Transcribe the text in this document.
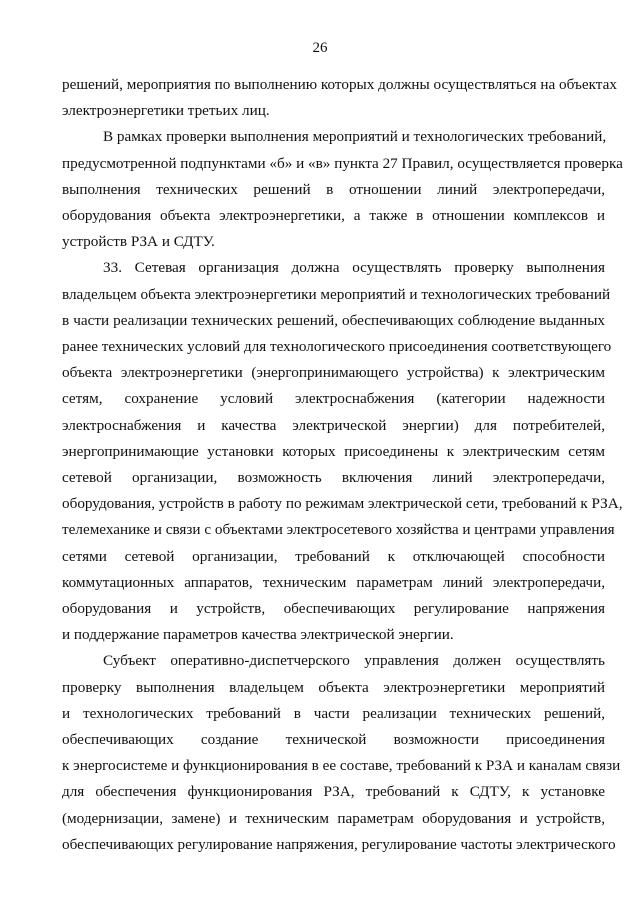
26
решений, мероприятия по выполнению которых должны осуществляться на объектах
электроэнергетики третьих лиц.
В рамках проверки выполнения мероприятий и технологических требований,
предусмотренной подпунктами «б» и «в» пункта 27 Правил, осуществляется проверка
выполнения технических решений в отношении линий электропередачи,
оборудования объекта электроэнергетики, а также в отношении комплексов и
устройств РЗА и СДТУ.
33. Сетевая организация должна осуществлять проверку выполнения
владельцем объекта электроэнергетики мероприятий и технологических требований
в части реализации технических решений, обеспечивающих соблюдение выданных
ранее технических условий для технологического присоединения соответствующего
объекта электроэнергетики (энергопринимающего устройства) к электрическим
сетям, сохранение условий электроснабжения (категории надежности
электроснабжения и качества электрической энергии) для потребителей,
энергопринимающие установки которых присоединены к электрическим сетям
сетевой организации, возможность включения линий электропередачи,
оборудования, устройств в работу по режимам электрической сети, требований к РЗА,
телемеханике и связи с объектами электросетевого хозяйства и центрами управления
сетями сетевой организации, требований к отключающей способности
коммутационных аппаратов, техническим параметрам линий электропередачи,
оборудования и устройств, обеспечивающих регулирование напряжения
и поддержание параметров качества электрической энергии.
Субъект оперативно-диспетчерского управления должен осуществлять
проверку выполнения владельцем объекта электроэнергетики мероприятий
и технологических требований в части реализации технических решений,
обеспечивающих создание технической возможности присоединения
к энергосистеме и функционирования в ее составе, требований к РЗА и каналам связи
для обеспечения функционирования РЗА, требований к СДТУ, к установке
(модернизации, замене) и техническим параметрам оборудования и устройств,
обеспечивающих регулирование напряжения, регулирование частоты электрического
